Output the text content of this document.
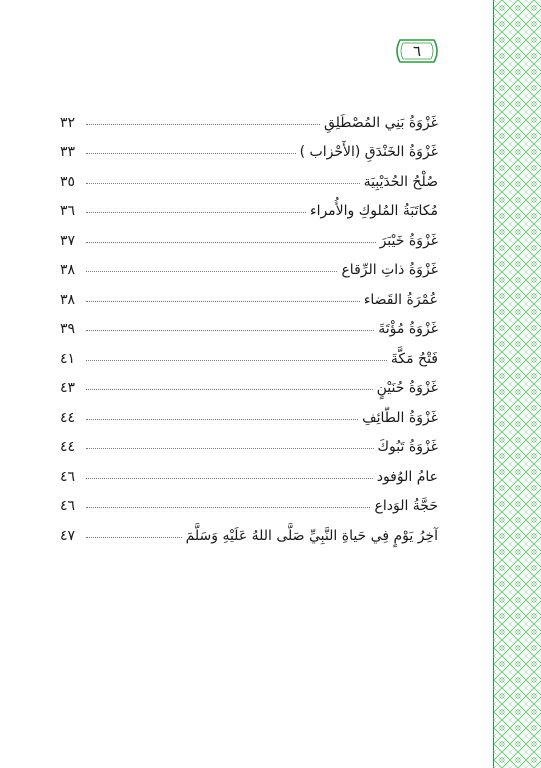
٦
غَزْوَةُ بَنِي المُصْطَلِقِ
٣٢
غَزْوَةُ الخَنْدَقِ (الأَحْزاب )
٣٣
صُلْحُ الحُدَيْبِيَة
٣٥
مُكاتَبَةُ المُلوكِ والأُمراء
٣٦
غَزْوَةُ خَيْبَرَ
٣٧
غَزْوَةُ ذاتِ الرِّقاع
٣٨
عُمْرَةُ القَضاء
٣٨
غَزْوَةُ مُؤْتَةَ
٣٩
فَتْحُ مَكَّةَ
٤١
غَزْوَةُ حُنَيْنٍ
٤٣
غَزْوَةُ الطّائِفِ
٤٤
غَزْوَةُ تَبُوكَ
٤٤
عامُ الوُفود
٤٦
حَجَّةُ الوَداع
٤٦
آخِرُ يَوْمٍ فِي حَياةِ النَّبِيِّ صَلَّى اللهُ عَلَيْهِ وَسَلَّمَ
٤٧
